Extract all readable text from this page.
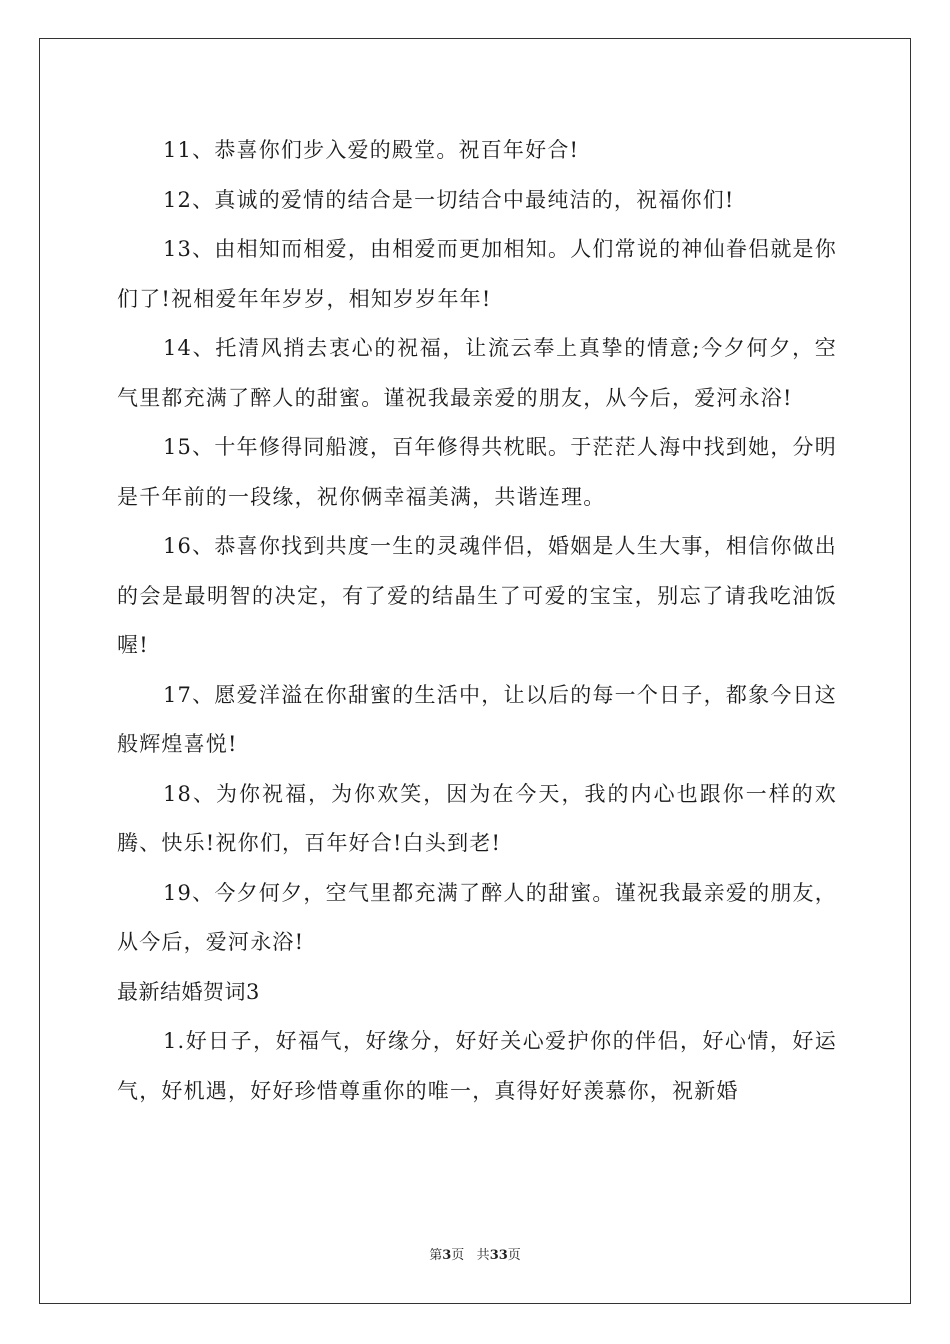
11、恭喜你们步入爱的殿堂。祝百年好合!

12、真诚的爱情的结合是一切结合中最纯洁的，祝福你们!

13、由相知而相爱，由相爱而更加相知。人们常说的神仙眷侣就是你们了!祝相爱年年岁岁，相知岁岁年年!

14、托清风捎去衷心的祝福，让流云奉上真挚的情意;今夕何夕，空气里都充满了醉人的甜蜜。谨祝我最亲爱的朋友，从今后，爱河永浴!

15、十年修得同船渡，百年修得共枕眠。于茫茫人海中找到她，分明是千年前的一段缘，祝你俩幸福美满，共谐连理。

16、恭喜你找到共度一生的灵魂伴侣，婚姻是人生大事，相信你做出的会是最明智的决定，有了爱的结晶生了可爱的宝宝，别忘了请我吃油饭喔!

17、愿爱洋溢在你甜蜜的生活中，让以后的每一个日子，都象今日这般辉煌喜悦!

18、为你祝福，为你欢笑，因为在今天，我的内心也跟你一样的欢腾、快乐!祝你们，百年好合!白头到老!

19、今夕何夕，空气里都充满了醉人的甜蜜。谨祝我最亲爱的朋友，从今后，爱河永浴!

最新结婚贺词3

1.好日子，好福气，好缘分，好好关心爱护你的伴侣，好心情，好运气，好机遇，好好珍惜尊重你的唯一，真得好好羡慕你，祝新婚

第3页 共33页
